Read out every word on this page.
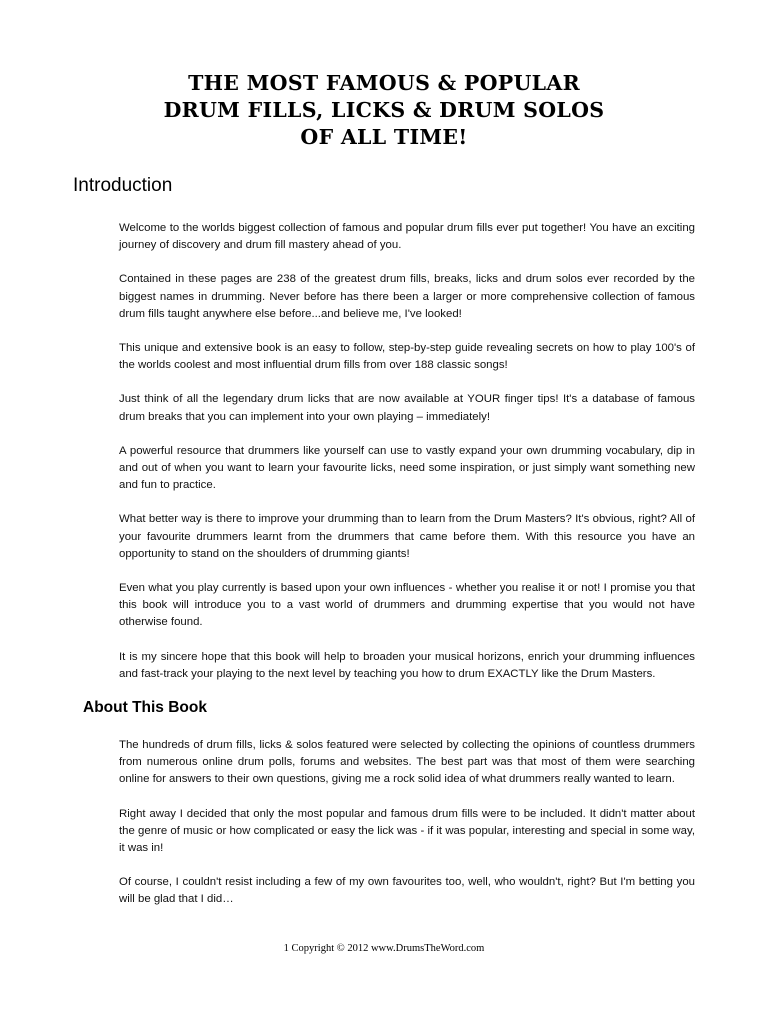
THE MOST FAMOUS & POPULAR
DRUM FILLS, LICKS & DRUM SOLOS
OF ALL TIME!
Introduction

Welcome to the worlds biggest collection of famous and popular drum fills ever put together! You have an exciting journey of discovery and drum fill mastery ahead of you.

Contained in these pages are 238 of the greatest drum fills, breaks, licks and drum solos ever recorded by the biggest names in drumming. Never before has there been a larger or more comprehensive collection of famous drum fills taught anywhere else before...and believe me, I've looked!

This unique and extensive book is an easy to follow, step-by-step guide revealing secrets on how to play 100's of the worlds coolest and most influential drum fills from over 188 classic songs!

Just think of all the legendary drum licks that are now available at YOUR finger tips! It's a database of famous drum breaks that you can implement into your own playing – immediately!

A powerful resource that drummers like yourself can use to vastly expand your own drumming vocabulary, dip in and out of when you want to learn your favourite licks, need some inspiration, or just simply want something new and fun to practice.

What better way is there to improve your drumming than to learn from the Drum Masters? It's obvious, right? All of your favourite drummers learnt from the drummers that came before them. With this resource you have an opportunity to stand on the shoulders of drumming giants!

Even what you play currently is based upon your own influences - whether you realise it or not! I promise you that this book will introduce you to a vast world of drummers and drumming expertise that you would not have otherwise found.

It is my sincere hope that this book will help to broaden your musical horizons, enrich your drumming influences and fast-track your playing to the next level by teaching you how to drum EXACTLY like the Drum Masters.

About This Book

The hundreds of drum fills, licks & solos featured were selected by collecting the opinions of countless drummers from numerous online drum polls, forums and websites. The best part was that most of them were searching online for answers to their own questions, giving me a rock solid idea of what drummers really wanted to learn.

Right away I decided that only the most popular and famous drum fills were to be included. It didn't matter about the genre of music or how complicated or easy the lick was - if it was popular, interesting and special in some way, it was in!

Of course, I couldn't resist including a few of my own favourites too, well, who wouldn't, right? But I'm betting you will be glad that I did…

1 Copyright © 2012 www.DrumsTheWord.com
